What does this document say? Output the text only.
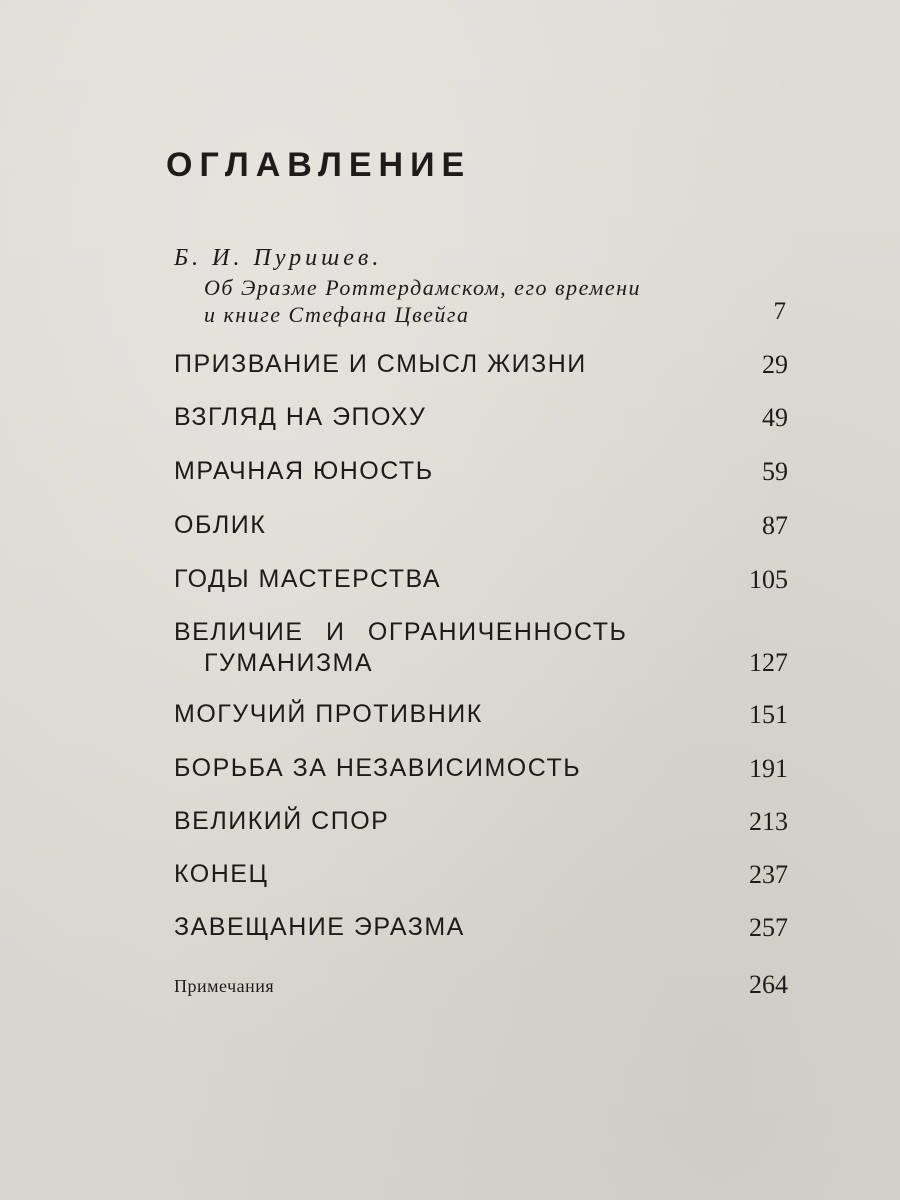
ОГЛАВЛЕНИЕ
Б. И. Пуришев.
Об Эразме Роттердамском, его времени
и книге Стефана Цвейга	7
ПРИЗВАНИЕ И СМЫСЛ ЖИЗНИ	29
ВЗГЛЯД НА ЭПОХУ	49
МРАЧНАЯ ЮНОСТЬ	59
ОБЛИК	87
ГОДЫ МАСТЕРСТВА	105
ВЕЛИЧИЕ И ОГРАНИЧЕННОСТЬ
ГУМАНИЗМА	127
МОГУЧИЙ ПРОТИВНИК	151
БОРЬБА ЗА НЕЗАВИСИМОСТЬ	191
ВЕЛИКИЙ СПОР	213
КОНЕЦ	237
ЗАВЕЩАНИЕ ЭРАЗМА	257
Примечания	264
